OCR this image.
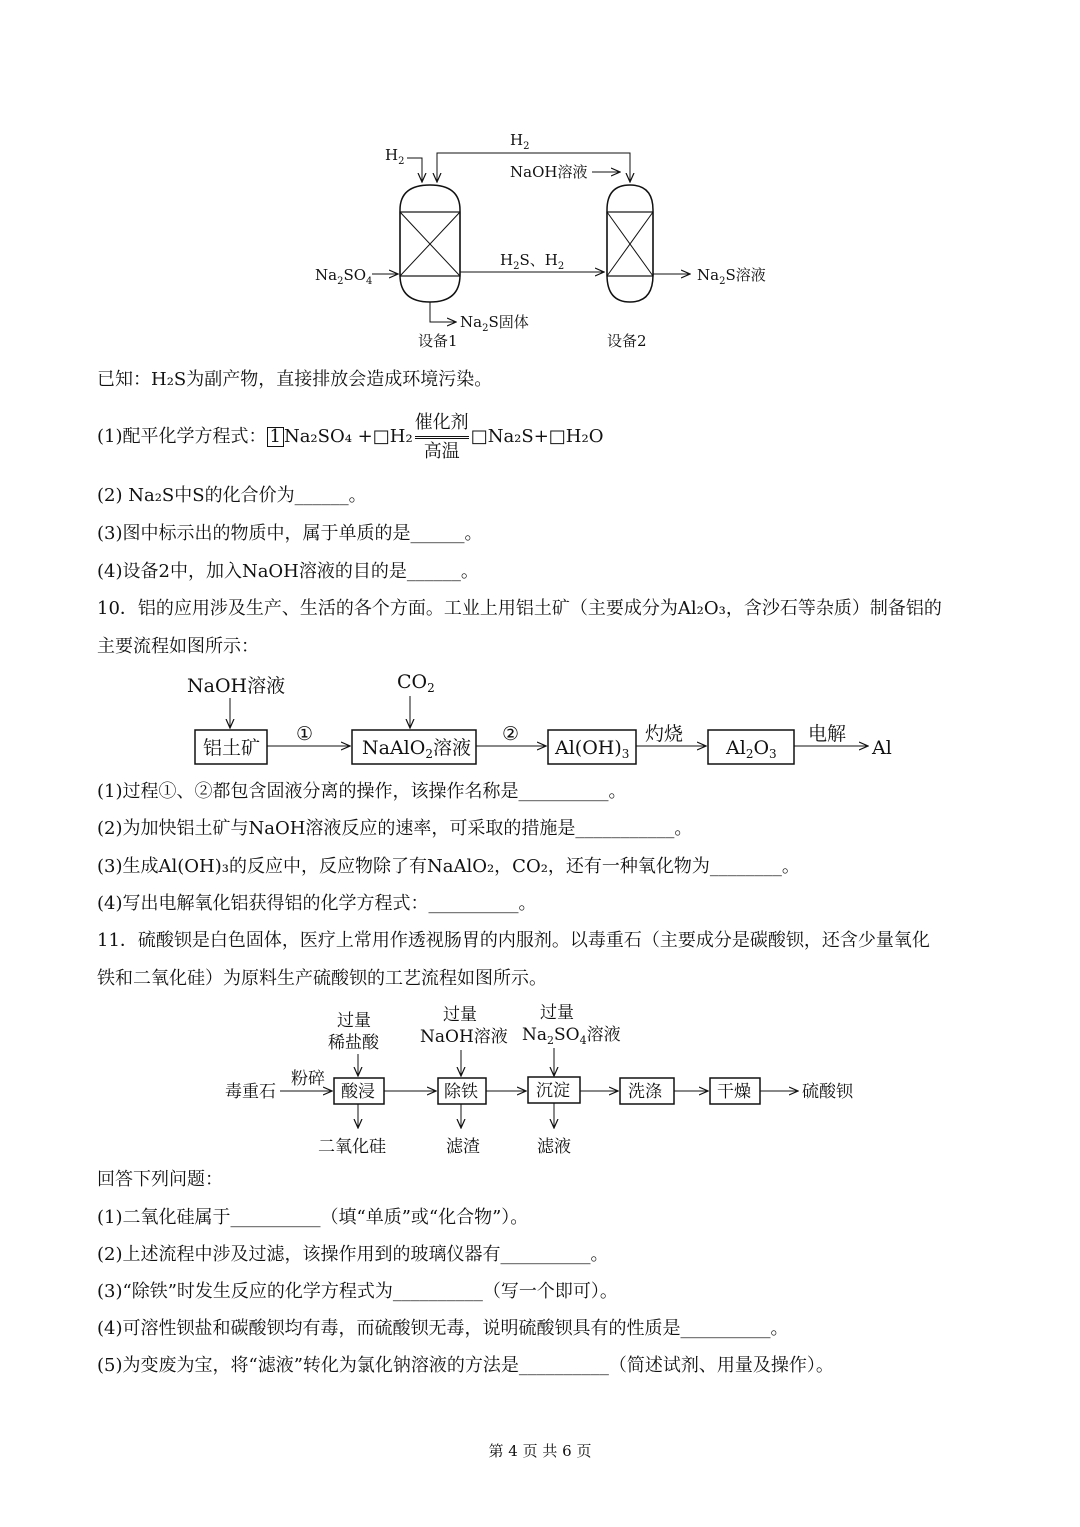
$H_2$
$H_2$
NaOH溶液
$Na_2SO_4$
$H_2S$、$H_2$	$Na_2S$溶液
$Na_2S$固体
设备1	设备2
已知：H₂S为副产物，直接排放会造成环境污染。
(1)配平化学方程式： 1 Na₂SO₄ +□H₂ $\frac{\text{催化剂}}{\text{高温}}$ □Na₂S+□H₂O
(2) Na₂S中S的化合价为______。
(3)图中标示出的物质中，属于单质的是______。
(4)设备2中，加入NaOH溶液的目的是______。
10．铝的应用涉及生产、生活的各个方面。工业上用铝土矿（主要成分为Al₂O₃，含沙石等杂质）制备铝的
主要流程如图所示：
NaOH溶液	$CO_2$
铝土矿
①
NaAlO$_2$溶液
②
$Al(OH)_3$
灼烧
$Al_2O_3$
电解
Al
(1)过程①、②都包含固液分离的操作，该操作名称是__________。
(2)为加快铝土矿与NaOH溶液反应的速率，可采取的措施是___________。
(3)生成Al(OH)₃的反应中，反应物除了有NaAlO₂，CO₂，还有一种氧化物为________。
(4)写出电解氧化铝获得铝的化学方程式：__________。
11．硫酸钡是白色固体，医疗上常用作透视肠胃的内服剂。以毒重石（主要成分是碳酸钡，还含少量氧化
铁和二氧化硅）为原料生产硫酸钡的工艺流程如图所示。
过量
稀盐酸
过量
NaOH溶液
过量
$Na_2SO_4$溶液
毒重石
粉碎
酸浸	除铁	沉淀	洗涤	干燥	硫酸钡
二氧化硅	滤渣	滤液
回答下列问题：
(1)二氧化硅属于__________（填“单质”或“化合物”）。
(2)上述流程中涉及过滤，该操作用到的玻璃仪器有__________。
(3)“除铁”时发生反应的化学方程式为__________（写一个即可）。
(4)可溶性钡盐和碳酸钡均有毒，而硫酸钡无毒，说明硫酸钡具有的性质是__________。
(5)为变废为宝，将“滤液”转化为氯化钠溶液的方法是__________（简述试剂、用量及操作）。
第 4 页 共 6 页
